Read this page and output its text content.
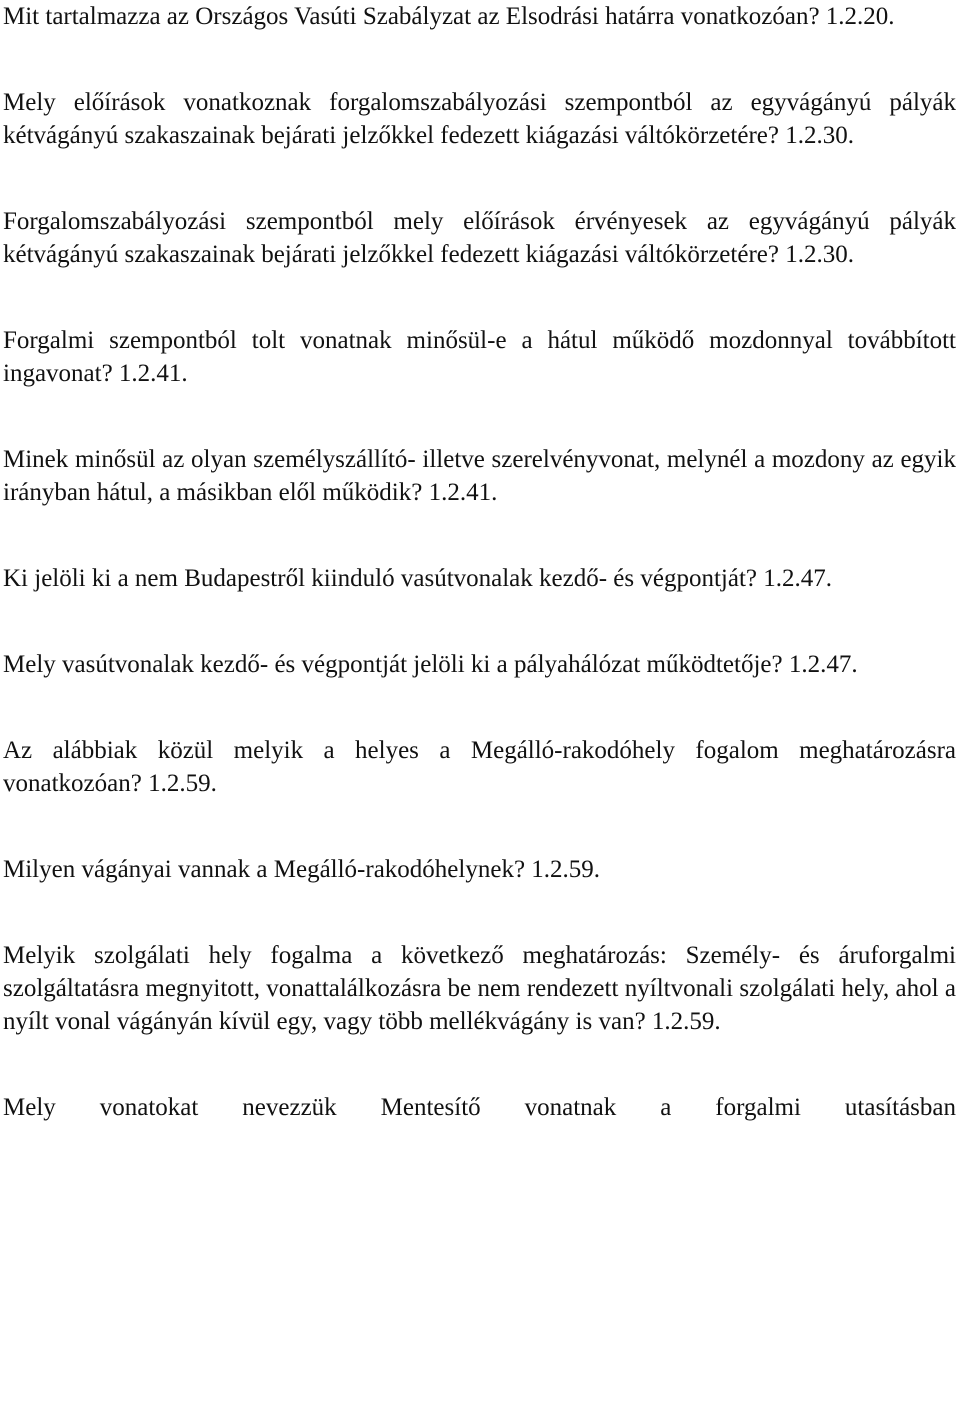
Mit tartalmazza az Országos Vasúti Szabályzat az Elsodrási határra vonatkozóan? 1.2.20.

Mely előírások vonatkoznak forgalomszabályozási szempontból az egyvágányú pályák kétvágányú szakaszainak bejárati jelzőkkel fedezett kiágazási váltókörzetére? 1.2.30.

Forgalomszabályozási szempontból mely előírások érvényesek az egyvágányú pályák kétvágányú szakaszainak bejárati jelzőkkel fedezett kiágazási váltókörzetére? 1.2.30.

Forgalmi szempontból tolt vonatnak minősül-e a hátul működő mozdonnyal továbbított ingavonat? 1.2.41.

Minek minősül az olyan személyszállító- illetve szerelvényvonat, melynél a mozdony az egyik irányban hátul, a másikban elől működik? 1.2.41.

Ki jelöli ki a nem Budapestről kiinduló vasútvonalak kezdő- és végpontját? 1.2.47.

Mely vasútvonalak kezdő- és végpontját jelöli ki a pályahálózat működtetője? 1.2.47.

Az alábbiak közül melyik a helyes a Megálló-rakodóhely fogalom meghatározásra vonatkozóan? 1.2.59.

Milyen vágányai vannak a Megálló-rakodóhelynek? 1.2.59.

Melyik szolgálati hely fogalma a következő meghatározás: Személy- és áruforgalmi szolgáltatásra megnyitott, vonattalálkozásra be nem rendezett nyíltvonali szolgálati hely, ahol a nyílt vonal vágányán kívül egy, vagy több mellékvágány is van? 1.2.59.

Mely vonatokat nevezzük Mentesítő vonatnak a forgalmi utasításban
